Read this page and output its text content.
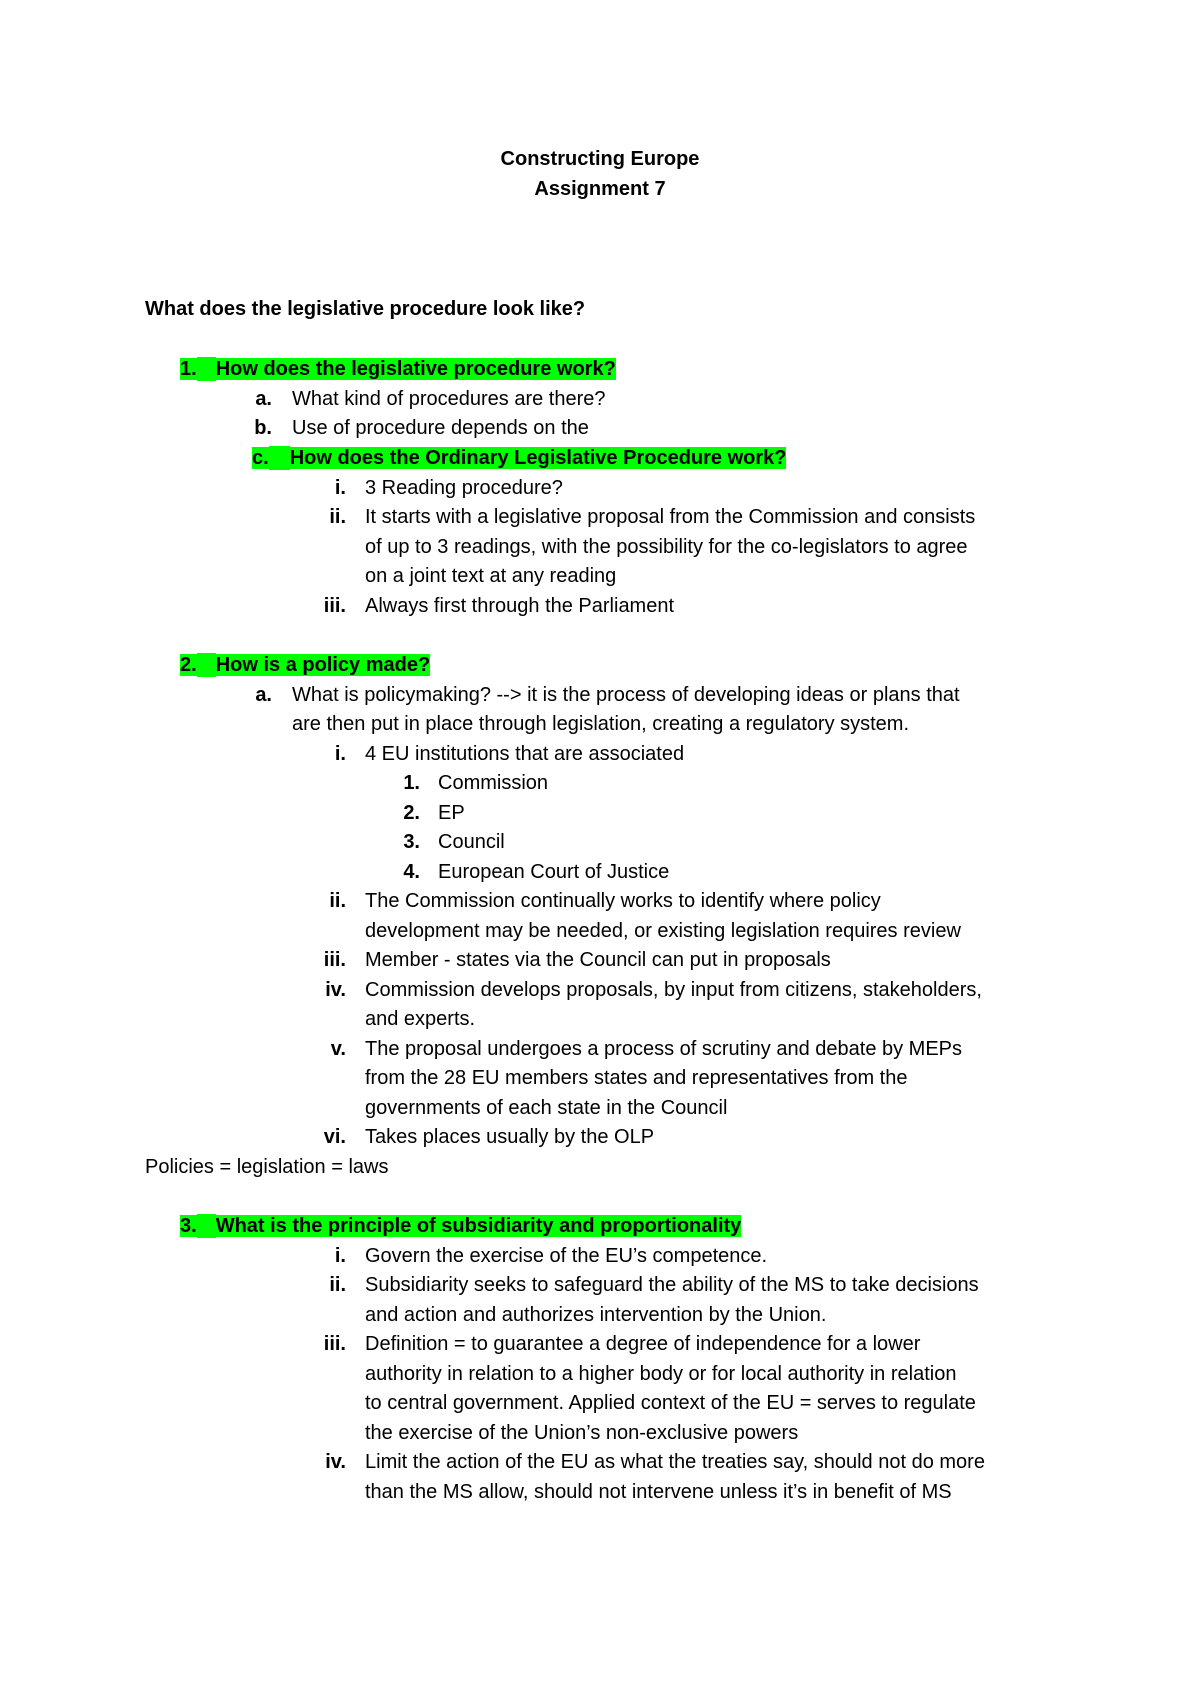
Constructing Europe
Assignment 7
What does the legislative procedure look like?
1. How does the legislative procedure work?
a. What kind of procedures are there?
b. Use of procedure depends on the
c. How does the Ordinary Legislative Procedure work?
i. 3 Reading procedure?
ii. It starts with a legislative proposal from the Commission and consists
of up to 3 readings, with the possibility for the co-legislators to agree
on a joint text at any reading
iii. Always first through the Parliament
2. How is a policy made?
a. What is policymaking? --> it is the process of developing ideas or plans that
are then put in place through legislation, creating a regulatory system.
i. 4 EU institutions that are associated
1. Commission
2. EP
3. Council
4. European Court of Justice
ii. The Commission continually works to identify where policy
development may be needed, or existing legislation requires review
iii. Member - states via the Council can put in proposals
iv. Commission develops proposals, by input from citizens, stakeholders,
and experts.
v. The proposal undergoes a process of scrutiny and debate by MEPs
from the 28 EU members states and representatives from the
governments of each state in the Council
vi. Takes places usually by the OLP
Policies = legislation = laws
3. What is the principle of subsidiarity and proportionality
i. Govern the exercise of the EU’s competence.
ii. Subsidiarity seeks to safeguard the ability of the MS to take decisions
and action and authorizes intervention by the Union.
iii. Definition = to guarantee a degree of independence for a lower
authority in relation to a higher body or for local authority in relation
to central government. Applied context of the EU = serves to regulate
the exercise of the Union’s non-exclusive powers
iv. Limit the action of the EU as what the treaties say, should not do more
than the MS allow, should not intervene unless it’s in benefit of MS
